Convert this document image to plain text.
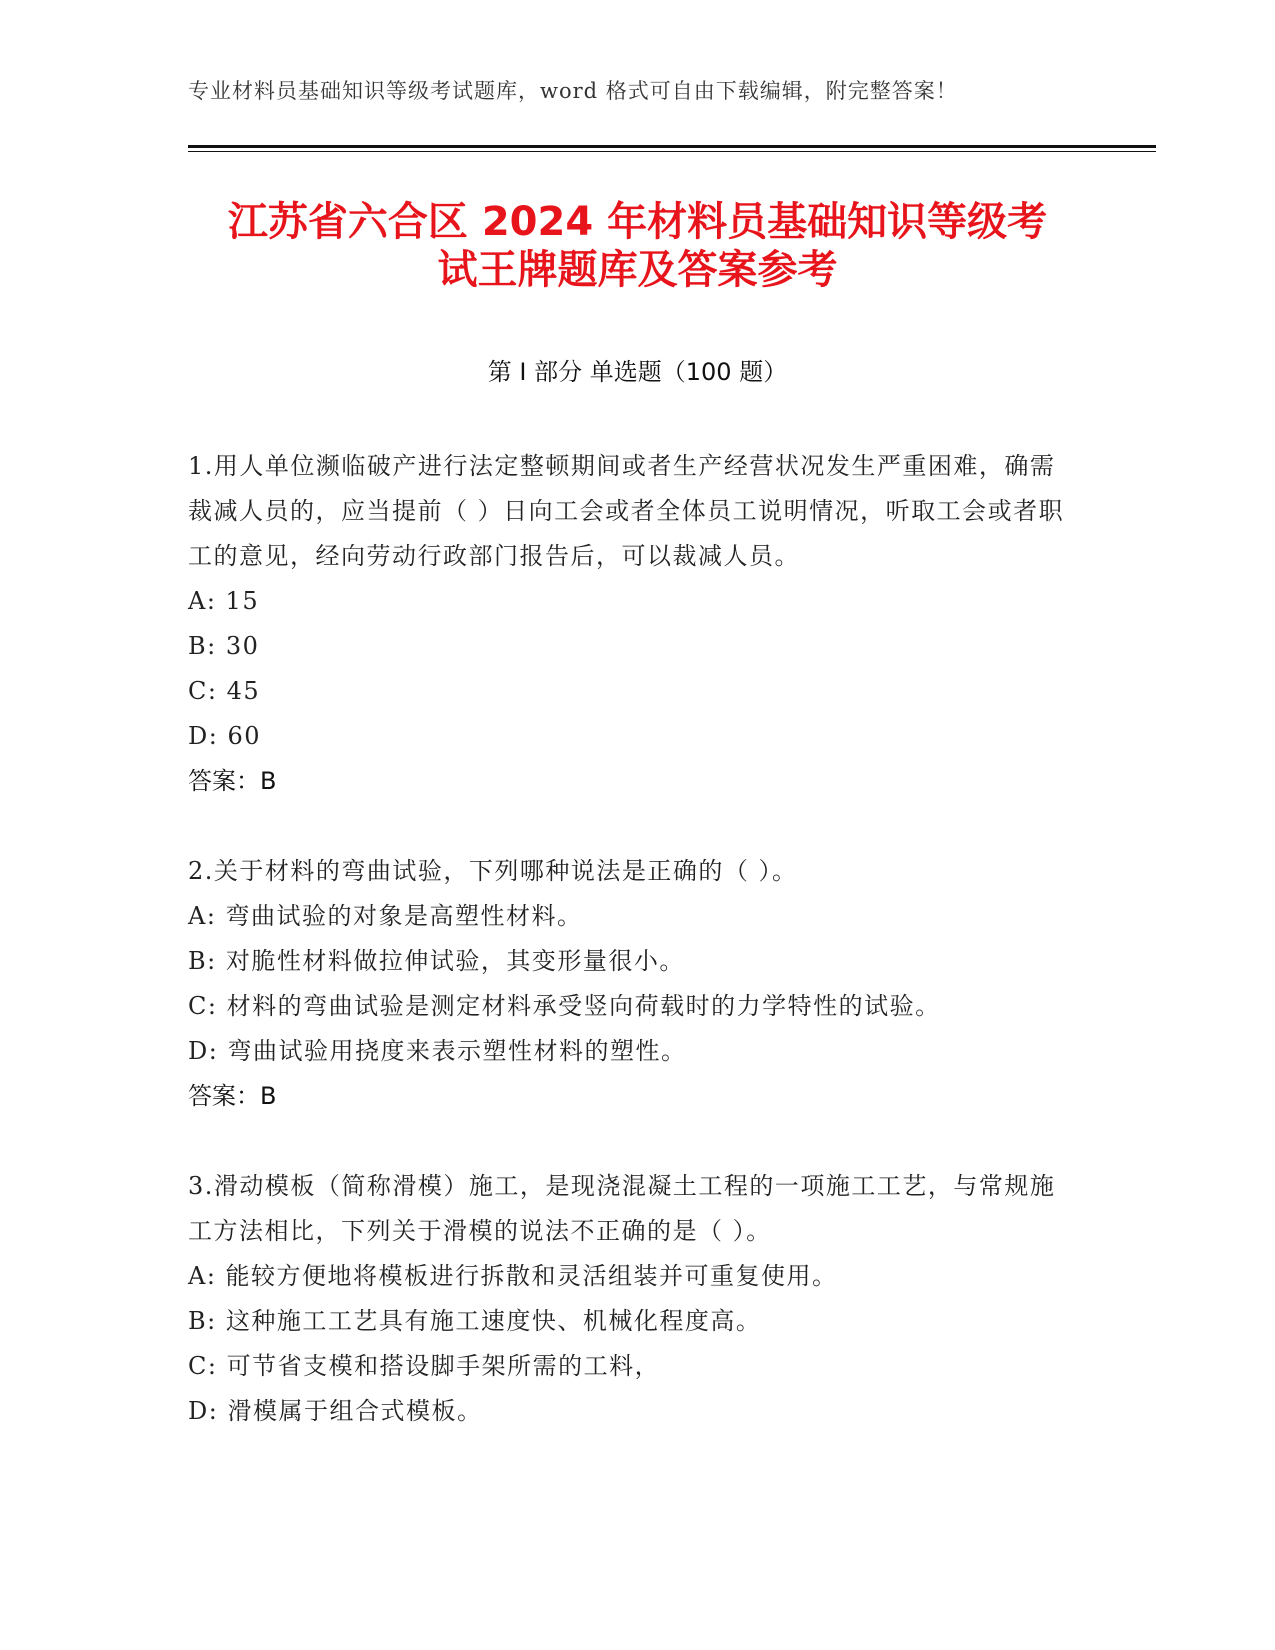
专业材料员基础知识等级考试题库，word 格式可自由下载编辑，附完整答案！
江苏省六合区 2024 年材料员基础知识等级考
试王牌题库及答案参考
第 I 部分 单选题（100 题）

1.用人单位濒临破产进行法定整顿期间或者生产经营状况发生严重困难，确需裁减人员的，应当提前（ ）日向工会或者全体员工说明情况，听取工会或者职工的意见，经向劳动行政部门报告后，可以裁减人员。

A: 15

B: 30

C: 45

D: 60

答案：B

2.关于材料的弯曲试验，下列哪种说法是正确的（ ）。

A: 弯曲试验的对象是高塑性材料。

B: 对脆性材料做拉伸试验，其变形量很小。

C: 材料的弯曲试验是测定材料承受竖向荷载时的力学特性的试验。

D: 弯曲试验用挠度来表示塑性材料的塑性。

答案：B

3.滑动模板（简称滑模）施工，是现浇混凝土工程的一项施工工艺，与常规施工方法相比，下列关于滑模的说法不正确的是（ ）。

A: 能较方便地将模板进行拆散和灵活组装并可重复使用。

B: 这种施工工艺具有施工速度快、机械化程度高。

C: 可节省支模和搭设脚手架所需的工料，

D: 滑模属于组合式模板。
